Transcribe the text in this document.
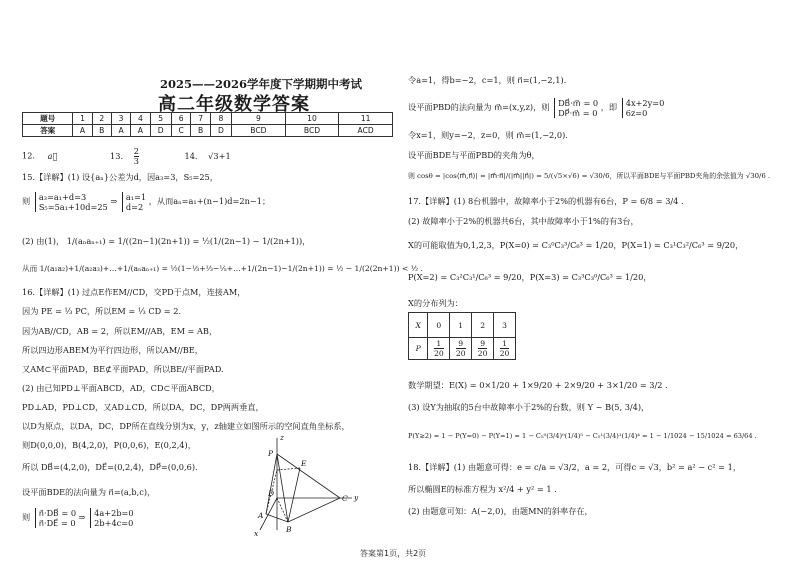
2025——2026学年度下学期期中考试
高二年级数学答案
题号	1	2	3	4	5	6	7	8	9	10	11
答案	A	B	A	A	D	C	B	D	BCD	BCD	ACD
12. a⃗	13. $\frac{2}{3}$	14. √3+1
15.【详解】(1) 设{aₙ}公差为d，因a₃=3，S₅=25，
则 a₃=a₁+d=3
S₅=5a₁+10d=25
⇒ a₁=1
d=2
，从而aₙ=a₁+(n−1)d=2n−1；
(2) 由(1)， 1/(aₙaₙ₊₁) = 1/((2n−1)(2n+1)) = ½(1/(2n−1) − 1/(2n+1))，
从而 1/(a₁a₂)+1/(a₂a₃)+…+1/(aₙaₙ₊₁) = ½(1−⅓+⅓−⅕+…+1/(2n−1)−1/(2n+1)) = ½ − 1/(2(2n+1)) < ½ .
16.【详解】(1) 过点E作EM//CD，交PD于点M，连接AM，
因为 PE = ⅓ PC，所以EM = ⅓ CD = 2.
因为AB//CD，AB = 2，所以EM//AB，EM = AB，
所以四边形ABEM为平行四边形，所以AM//BE，
又AM⊂平面PAD，BE⊄平面PAD，所以BE//平面PAD.
(2) 由已知PD⊥平面ABCD，AD，CD⊂平面ABCD，
PD⊥AD，PD⊥CD，又AD⊥CD，所以DA，DC，DP两两垂直，
以D为原点，以DA，DC，DP所在直线分别为x，y，z轴建立如图所示的空间直角坐标系，
则D(0,0,0)，B(4,2,0)，P(0,0,6)，E(0,2,4)，
所以 DB⃗=(4,2,0)，DE⃗=(0,2,4)，DP⃗=(0,0,6).
设平面BDE的法向量为 n⃗=(a,b,c)，
则 n⃗·DB⃗ = 0
n⃗·DE⃗ = 0
⇒ 4a+2b=0
2b+4c=0
z
P
E
D
C y
A
B
x
令a=1，得b=−2，c=1，则 n⃗=(1,−2,1).
设平面PBD的法向量为 m⃗=(x,y,z)，则 DB⃗·m⃗ = 0
DP⃗·m⃗ = 0
，即 4x+2y=0
6z=0
令x=1，则y=−2，z=0，则 m⃗=(1,−2,0).
设平面BDE与平面PBD的夹角为θ，
则 cosθ = |cos⟨m⃗,n⃗⟩| = |m⃗·n⃗|/(|m⃗||n⃗|) = 5/(√5×√6) = √30/6，所以平面BDE与平面PBD夹角的余弦值为 √30/6 .
17.【详解】(1) 8台机器中，故障率小于2%的机器有6台，P = 6/8 = 3/4 .
(2) 故障率小于2%的机器共6台，其中故障率小于1%的有3台，
X的可能取值为0,1,2,3，P(X=0) = C₃⁰C₃³/C₆³ = 1/20，P(X=1) = C₃¹C₃²/C₆³ = 9/20，
P(X=2) = C₃²C₃¹/C₆³ = 9/20，P(X=3) = C₃³C₃⁰/C₆³ = 1/20，
X的分布列为：
X	0	1	2	3
P	$\frac{1}{20}$	$\frac{9}{20}$	$\frac{9}{20}$	$\frac{1}{20}$
数学期望：E(X) = 0×1/20 + 1×9/20 + 2×9/20 + 3×1/20 = 3/2 .
(3) 设Y为抽取的5台中故障率小于2%的台数，则 Y ~ B(5, 3/4)，
P(Y≥2) = 1 − P(Y=0) − P(Y=1) = 1 − C₅⁰(3/4)⁰(1/4)⁵ − C₅¹(3/4)¹(1/4)⁴ = 1 − 1/1024 − 15/1024 = 63/64 .
18.【详解】(1) 由题意可得：e = c/a = √3/2，a = 2，可得c = √3，b² = a² − c² = 1，
所以椭圆E的标准方程为 x²/4 + y² = 1 .
(2) 由题意可知：A(−2,0)，由题MN的斜率存在，
答案第1页，共2页
